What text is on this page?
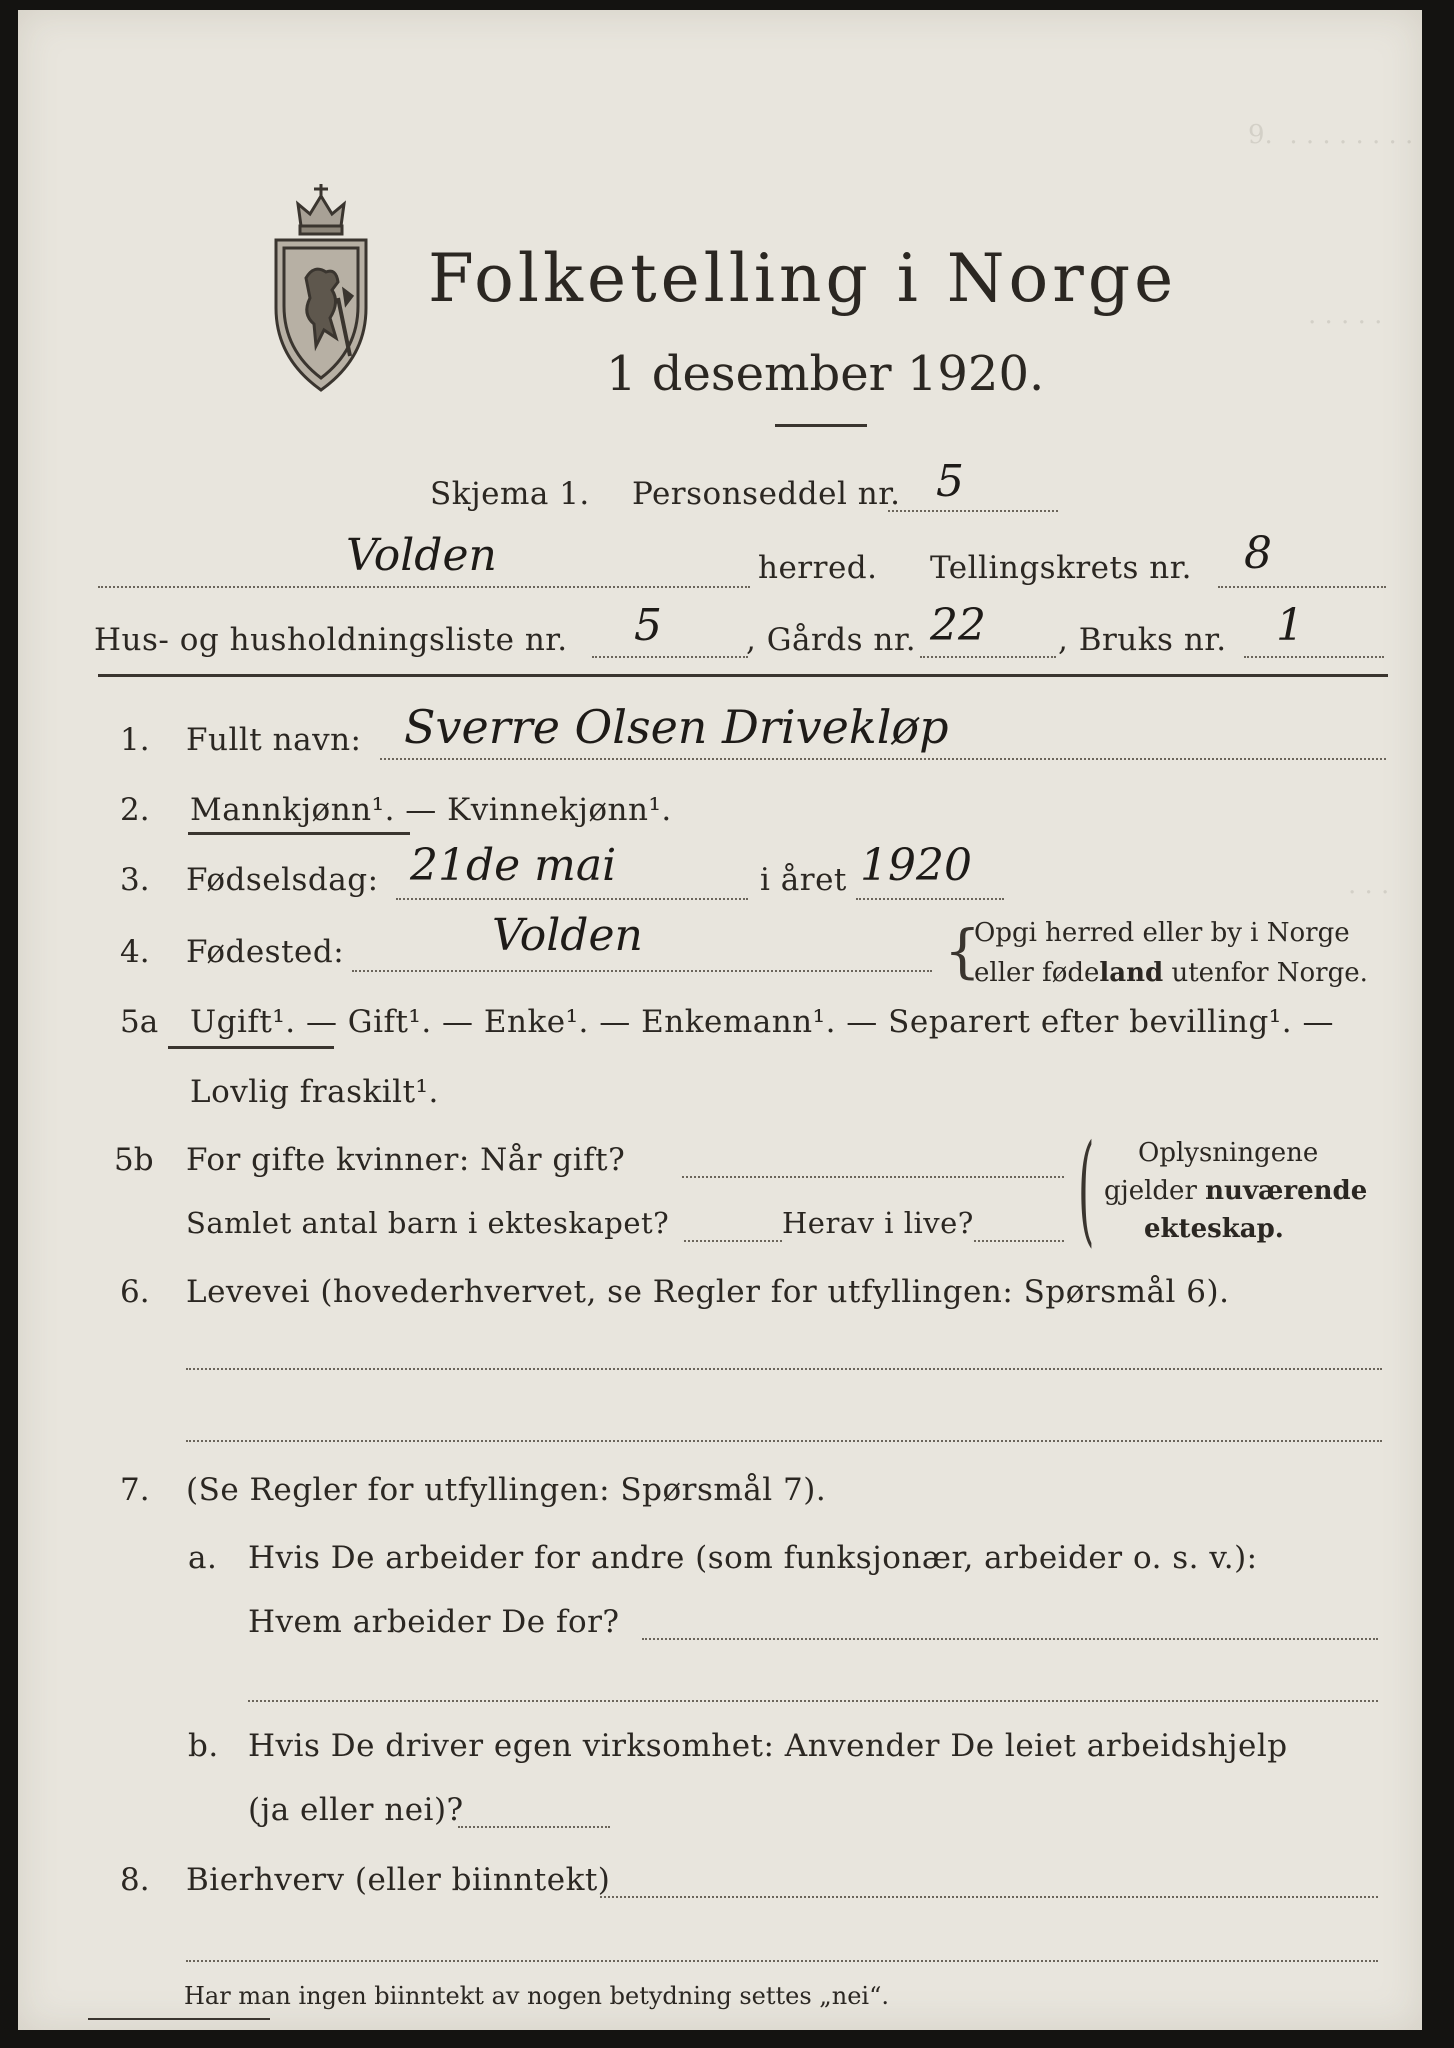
9.  . . . . . . . .
. . . . .
. . .
Folketelling i Norge
1 desember 1920.
Skjema 1. Personseddel nr. 5
Volden	herred. Tellingskrets nr. 8
Hus- og husholdningsliste nr. 5	, Gårds nr. 22 , Bruks nr. 1
1. Fullt navn: Sverre Olsen Drivekløp
2. Mannkjønn¹. — Kvinnekjønn¹.
3. Fødselsdag: 21de mai	i året 1920
4. Fødested:	Volden	{
Opgi herred eller by i Norge
eller fødeland utenfor Norge.
5a Ugift¹. — Gift¹. — Enke¹. — Enkemann¹. — Separert efter bevilling¹. —
Lovlig fraskilt¹.
5b For gifte kvinner: Når gift?
Samlet antal barn i ekteskapet?	Herav i live? ( Oplysningene
gjelder nuværende
ekteskap.
6. Levevei (hovederhvervet, se Regler for utfyllingen: Spørsmål 6).
7. (Se Regler for utfyllingen: Spørsmål 7).
a. Hvis De arbeider for andre (som funksjonær, arbeider o. s. v.):
Hvem arbeider De for?
b. Hvis De driver egen virksomhet: Anvender De leiet arbeidshjelp
(ja eller nei)?
8. Bierhverv (eller biinntekt)
Har man ingen biinntekt av nogen betydning settes „nei“.
